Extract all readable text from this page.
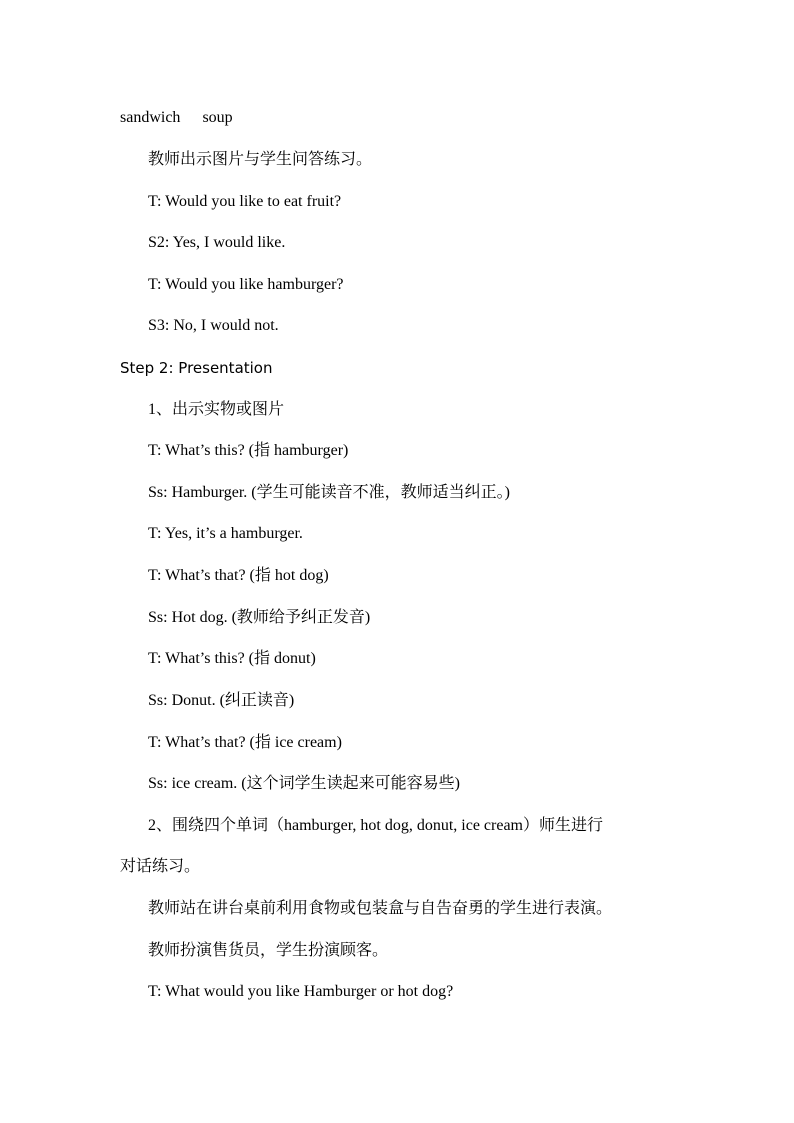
sandwich soup
教师出示图片与学生问答练习。
T: Would you like to eat fruit?
S2: Yes, I would like.
T: Would you like hamburger?
S3: No, I would not.
Step 2: Presentation
1、出示实物或图片
T: What’s this? (指 hamburger)
Ss: Hamburger. (学生可能读音不准，教师适当纠正。)
T: Yes, it’s a hamburger.
T: What’s that? (指 hot dog)
Ss: Hot dog. (教师给予纠正发音)
T: What’s this? (指 donut)
Ss: Donut. (纠正读音)
T: What’s that? (指 ice cream)
Ss: ice cream. (这个词学生读起来可能容易些)
2、围绕四个单词（hamburger, hot dog, donut, ice cream）师生进行
对话练习。
教师站在讲台桌前利用食物或包装盒与自告奋勇的学生进行表演。
教师扮演售货员，学生扮演顾客。
T: What would you like Hamburger or hot dog?
